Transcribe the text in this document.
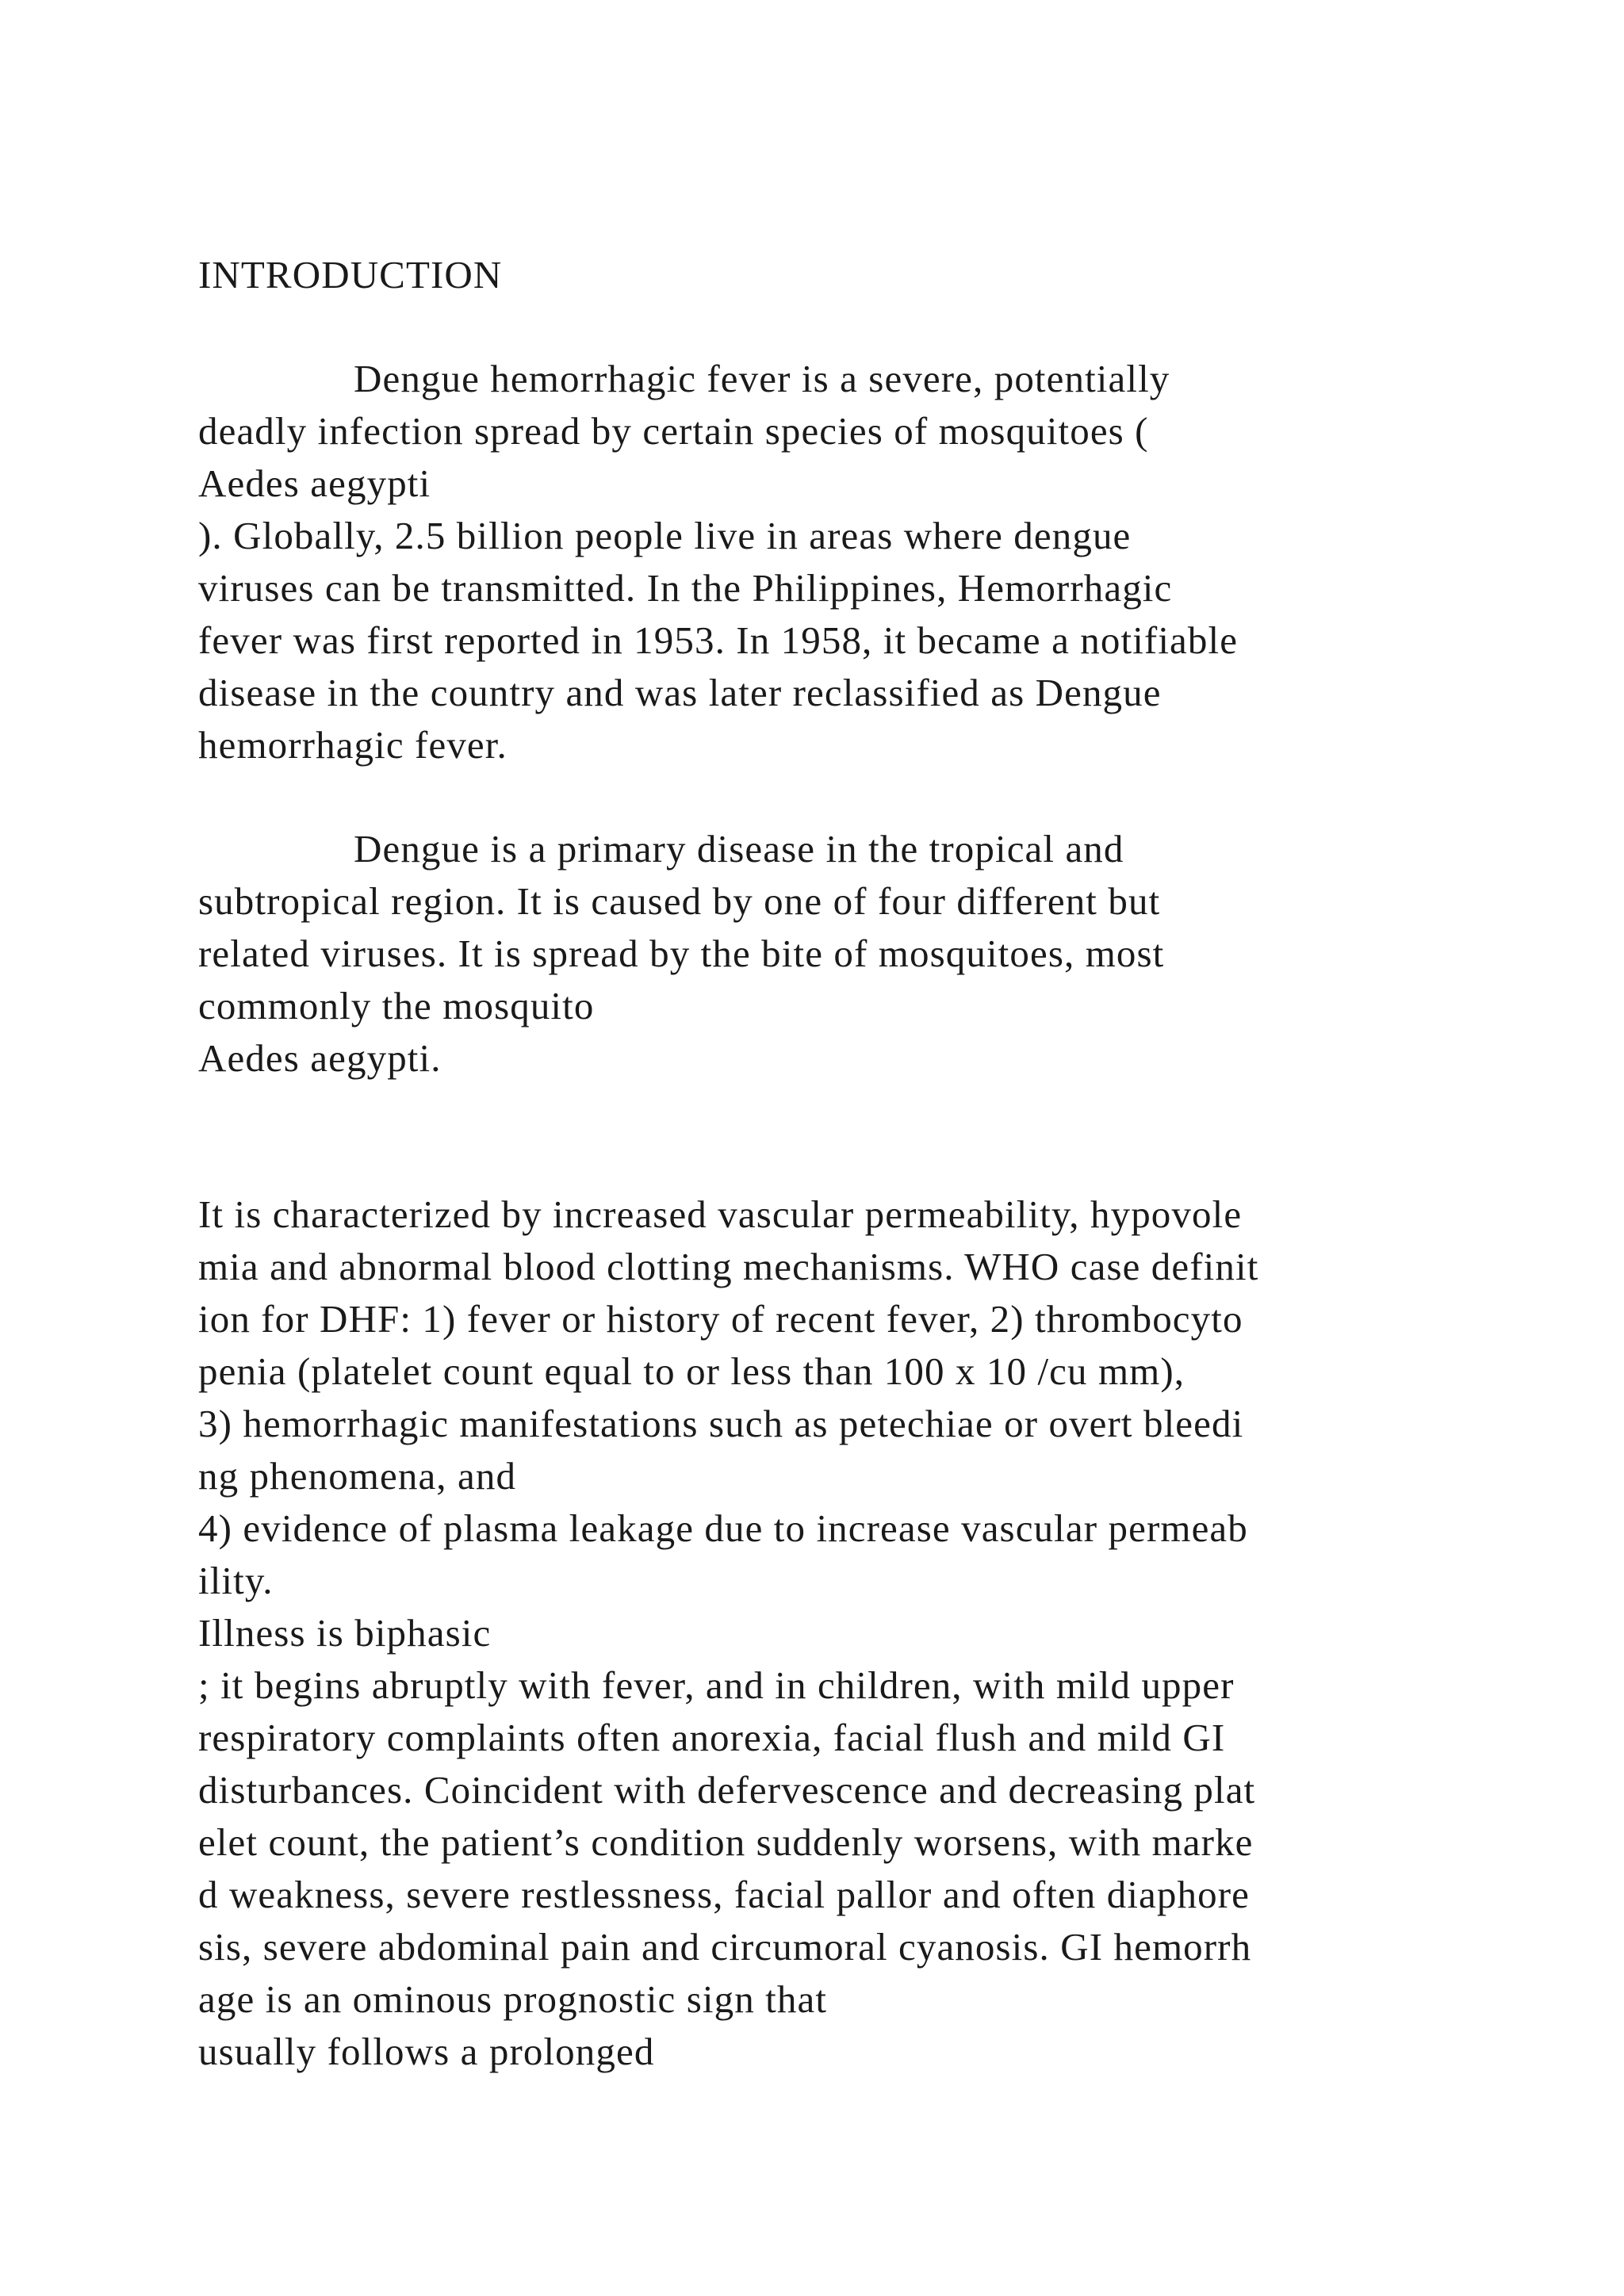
INTRODUCTION

Dengue hemorrhagic fever is a severe, potentially

deadly infection spread by certain species of mosquitoes (

Aedes aegypti

). Globally, 2.5 billion people live in areas where dengue

viruses can be transmitted. In the Philippines, Hemorrhagic

fever was first reported in 1953. In 1958, it became a notifiable

disease in the country and was later reclassified as Dengue

hemorrhagic fever.

Dengue is a primary disease in the tropical and

subtropical region. It is caused by one of four different but

related viruses. It is spread by the bite of mosquitoes, most

commonly the mosquito

Aedes aegypti.

It is characterized by increased vascular permeability, hypovole

mia and abnormal blood clotting mechanisms. WHO case definit

ion for DHF: 1) fever or history of recent fever, 2) thrombocyto

penia (platelet count equal to or less than 100 x 10 /cu mm),

3) hemorrhagic manifestations such as petechiae or overt bleedi

ng phenomena, and

4) evidence of plasma leakage due to increase vascular permeab

ility.

Illness is biphasic

; it begins abruptly with fever, and in children, with mild upper

respiratory complaints often anorexia, facial flush and mild GI

disturbances. Coincident with defervescence and decreasing plat

elet count, the patient’s condition suddenly worsens, with marke

d weakness, severe restlessness, facial pallor and often diaphore

sis, severe abdominal pain and circumoral cyanosis. GI hemorrh

age is an ominous prognostic sign that

usually follows a prolonged
